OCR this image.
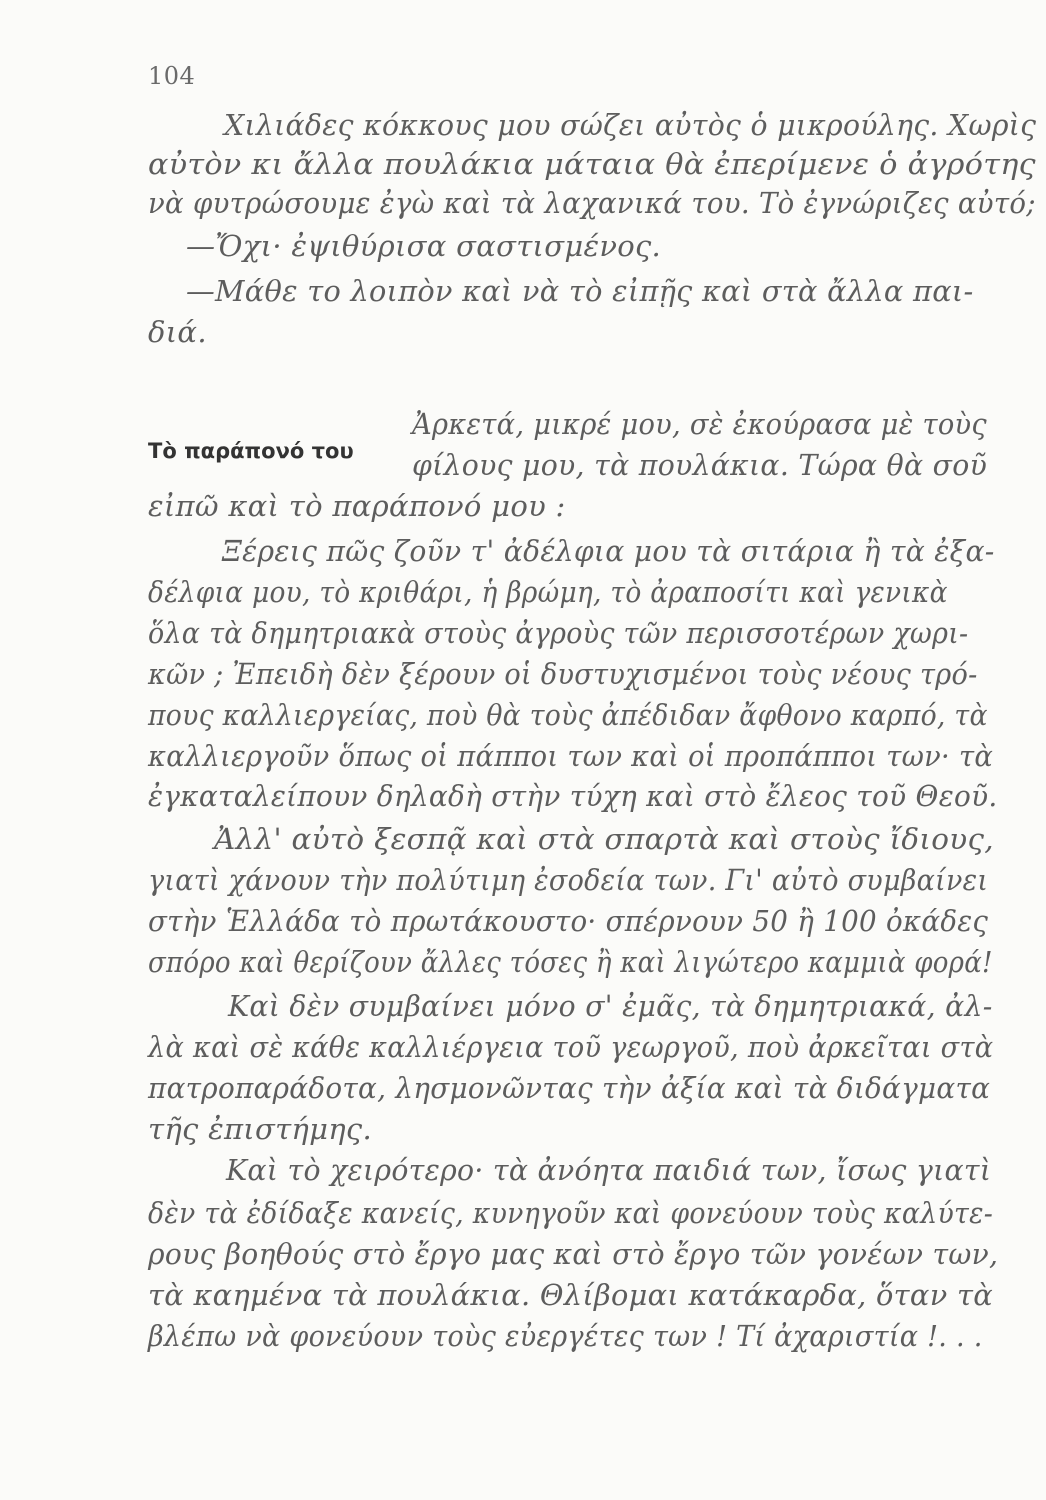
104
Τὸ παράπονό του
Χιλιάδες κόκκους μου σώζει αὐτὸς ὁ μικρούλης. Χωρὶς
αὐτὸν κι ἄλλα πουλάκια μάταια θὰ ἐπερίμενε ὁ ἀγρότης
νὰ φυτρώσουμε ἐγὼ καὶ τὰ λαχανικά του. Τὸ ἐγνώριζες αὐτό;
—Ὄχι· ἐψιθύρισα σαστισμένος.
—Μάθε το λοιπὸν καὶ νὰ τὸ εἰπῇς καὶ στὰ ἄλλα παι-
διά.
Ἀρκετά, μικρέ μου, σὲ ἐκούρασα μὲ τοὺς
φίλους μου, τὰ πουλάκια. Τώρα θὰ σοῦ
εἰπῶ καὶ τὸ παράπονό μου :
Ξέρεις πῶς ζοῦν τ' ἀδέλφια μου τὰ σιτάρια ἢ τὰ ἐξα-
δέλφια μου, τὸ κριθάρι, ἡ βρώμη, τὸ ἀραποσίτι καὶ γενικὰ
ὅλα τὰ δημητριακὰ στοὺς ἀγροὺς τῶν περισσοτέρων χωρι-
κῶν ; Ἐπειδὴ δὲν ξέρουν οἱ δυστυχισμένοι τοὺς νέους τρό-
πους καλλιεργείας, ποὺ θὰ τοὺς ἀπέδιδαν ἄφθονο καρπό, τὰ
καλλιεργοῦν ὅπως οἱ πάπποι των καὶ οἱ προπάπποι των· τὰ
ἐγκαταλείπουν δηλαδὴ στὴν τύχη καὶ στὸ ἔλεος τοῦ Θεοῦ.
Ἀλλ' αὐτὸ ξεσπᾷ καὶ στὰ σπαρτὰ καὶ στοὺς ἴδιους,
γιατὶ χάνουν τὴν πολύτιμη ἐσοδεία των. Γι' αὐτὸ συμβαίνει
στὴν Ἑλλάδα τὸ πρωτάκουστο· σπέρνουν 50 ἢ 100 ὀκάδες
σπόρο καὶ θερίζουν ἄλλες τόσες ἢ καὶ λιγώτερο καμμιὰ φορά!
Καὶ δὲν συμβαίνει μόνο σ' ἐμᾶς, τὰ δημητριακά, ἀλ-
λὰ καὶ σὲ κάθε καλλιέργεια τοῦ γεωργοῦ, ποὺ ἀρκεῖται στὰ
πατροπαράδοτα, λησμονῶντας τὴν ἀξία καὶ τὰ διδάγματα
τῆς ἐπιστήμης.
Καὶ τὸ χειρότερο· τὰ ἀνόητα παιδιά των, ἴσως γιατὶ
δὲν τὰ ἐδίδαξε κανείς, κυνηγοῦν καὶ φονεύουν τοὺς καλύτε-
ρους βοηθούς στὸ ἔργο μας καὶ στὸ ἔργο τῶν γονέων των,
τὰ καημένα τὰ πουλάκια. Θλίβομαι κατάκαρδα, ὅταν τὰ
βλέπω νὰ φονεύουν τοὺς εὐεργέτες των ! Τί ἀχαριστία !. . .
